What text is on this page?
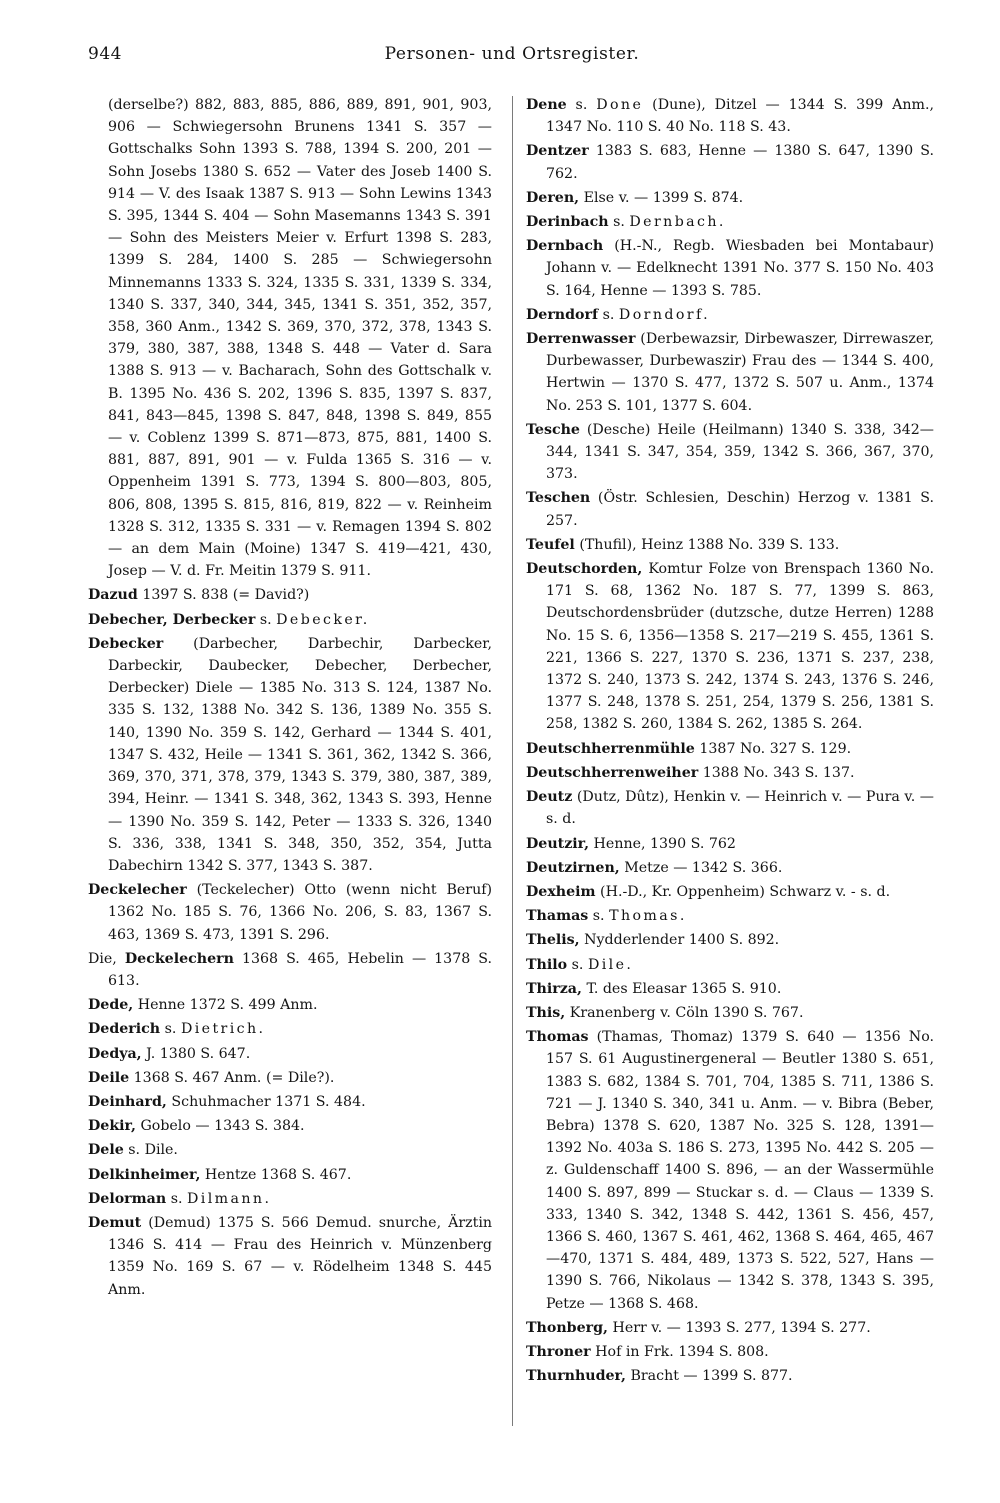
944	Personen- und Ortsregister.

(derselbe?) 882, 883, 885, 886, 889, 891, 901, 903, 906 — Schwiegersohn Brunens 1341 S. 357 — Gottschalks Sohn 1393 S. 788, 1394 S. 200, 201 — Sohn Josebs 1380 S. 652 — Vater des Joseb 1400 S. 914 — V. des Isaak 1387 S. 913 — Sohn Lewins 1343 S. 395, 1344 S. 404 — Sohn Masemanns 1343 S. 391 — Sohn des Meisters Meier v. Erfurt 1398 S. 283, 1399 S. 284, 1400 S. 285 — Schwiegersohn Minnemanns 1333 S. 324, 1335 S. 331, 1339 S. 334, 1340 S. 337, 340, 344, 345, 1341 S. 351, 352, 357, 358, 360 Anm., 1342 S. 369, 370, 372, 378, 1343 S. 379, 380, 387, 388, 1348 S. 448 — Vater d. Sara 1388 S. 913 — v. Bacharach, Sohn des Gottschalk v. B. 1395 No. 436 S. 202, 1396 S. 835, 1397 S. 837, 841, 843—845, 1398 S. 847, 848, 1398 S. 849, 855 — v. Coblenz 1399 S. 871—873, 875, 881, 1400 S. 881, 887, 891, 901 — v. Fulda 1365 S. 316 — v. Oppenheim 1391 S. 773, 1394 S. 800—803, 805, 806, 808, 1395 S. 815, 816, 819, 822 — v. Reinheim 1328 S. 312, 1335 S. 331 — v. Remagen 1394 S. 802 — an dem Main (Moine) 1347 S. 419—421, 430, Josep — V. d. Fr. Meitin 1379 S. 911.

Dazud 1397 S. 838 (= David?)

Debecher, Derbecker s. Debecker.

Debecker (Darbecher, Darbechir, Darbecker, Darbeckir, Daubecker, Debecher, Derbecher, Derbecker) Diele — 1385 No. 313 S. 124, 1387 No. 335 S. 132, 1388 No. 342 S. 136, 1389 No. 355 S. 140, 1390 No. 359 S. 142, Gerhard — 1344 S. 401, 1347 S. 432, Heile — 1341 S. 361, 362, 1342 S. 366, 369, 370, 371, 378, 379, 1343 S. 379, 380, 387, 389, 394, Heinr. — 1341 S. 348, 362, 1343 S. 393, Henne — 1390 No. 359 S. 142, Peter — 1333 S. 326, 1340 S. 336, 338, 1341 S. 348, 350, 352, 354, Jutta Dabechirn 1342 S. 377, 1343 S. 387.

Deckelecher (Teckelecher) Otto (wenn nicht Beruf) 1362 No. 185 S. 76, 1366 No. 206, S. 83, 1367 S. 463, 1369 S. 473, 1391 S. 296.

Die, Deckelechern 1368 S. 465, Hebelin — 1378 S. 613.

Dede, Henne 1372 S. 499 Anm.

Dederich s. Dietrich.

Dedya, J. 1380 S. 647.

Deile 1368 S. 467 Anm. (= Dile?).

Deinhard, Schuhmacher 1371 S. 484.

Dekir, Gobelo — 1343 S. 384.

Dele s. Dile.

Delkinheimer, Hentze 1368 S. 467.

Delorman s. Dilmann.

Demut (Demud) 1375 S. 566 Demud. snurche, Ärztin 1346 S. 414 — Frau des Heinrich v. Münzenberg 1359 No. 169 S. 67 — v. Rödelheim 1348 S. 445 Anm.

Dene s. Done (Dune), Ditzel — 1344 S. 399 Anm., 1347 No. 110 S. 40 No. 118 S. 43.

Dentzer 1383 S. 683, Henne — 1380 S. 647, 1390 S. 762.

Deren, Else v. — 1399 S. 874.

Derinbach s. Dernbach.

Dernbach (H.-N., Regb. Wiesbaden bei Montabaur) Johann v. — Edelknecht 1391 No. 377 S. 150 No. 403 S. 164, Henne — 1393 S. 785.

Derndorf s. Dorndorf.

Derrenwasser (Derbewazsir, Dirbewaszer, Dirrewaszer, Durbewasser, Durbewaszir) Frau des — 1344 S. 400, Hertwin — 1370 S. 477, 1372 S. 507 u. Anm., 1374 No. 253 S. 101, 1377 S. 604.

Tesche (Desche) Heile (Heilmann) 1340 S. 338, 342—344, 1341 S. 347, 354, 359, 1342 S. 366, 367, 370, 373.

Teschen (Östr. Schlesien, Deschin) Herzog v. 1381 S. 257.

Teufel (Thufil), Heinz 1388 No. 339 S. 133.

Deutschorden, Komtur Folze von Brenspach 1360 No. 171 S. 68, 1362 No. 187 S. 77, 1399 S. 863, Deutschordensbrüder (dutzsche, dutze Herren) 1288 No. 15 S. 6, 1356—1358 S. 217—219 S. 455, 1361 S. 221, 1366 S. 227, 1370 S. 236, 1371 S. 237, 238, 1372 S. 240, 1373 S. 242, 1374 S. 243, 1376 S. 246, 1377 S. 248, 1378 S. 251, 254, 1379 S. 256, 1381 S. 258, 1382 S. 260, 1384 S. 262, 1385 S. 264.

Deutschherrenmühle 1387 No. 327 S. 129.

Deutschherrenweiher 1388 No. 343 S. 137.

Deutz (Dutz, Dûtz), Henkin v. — Heinrich v. — Pura v. — s. d.

Deutzir, Henne, 1390 S. 762

Deutzirnen, Metze — 1342 S. 366.

Dexheim (H.-D., Kr. Oppenheim) Schwarz v. - s. d.

Thamas s. Thomas.

Thelis, Nydderlender 1400 S. 892.

Thilo s. Dile.

Thirza, T. des Eleasar 1365 S. 910.

This, Kranenberg v. Cöln 1390 S. 767.

Thomas (Thamas, Thomaz) 1379 S. 640 — 1356 No. 157 S. 61 Augustinergeneral — Beutler 1380 S. 651, 1383 S. 682, 1384 S. 701, 704, 1385 S. 711, 1386 S. 721 — J. 1340 S. 340, 341 u. Anm. — v. Bibra (Beber, Bebra) 1378 S. 620, 1387 No. 325 S. 128, 1391—1392 No. 403a S. 186 S. 273, 1395 No. 442 S. 205 — z. Guldenschaff 1400 S. 896, — an der Wassermühle 1400 S. 897, 899 — Stuckar s. d. — Claus — 1339 S. 333, 1340 S. 342, 1348 S. 442, 1361 S. 456, 457, 1366 S. 460, 1367 S. 461, 462, 1368 S. 464, 465, 467—470, 1371 S. 484, 489, 1373 S. 522, 527, Hans — 1390 S. 766, Nikolaus — 1342 S. 378, 1343 S. 395, Petze — 1368 S. 468.

Thonberg, Herr v. — 1393 S. 277, 1394 S. 277.

Throner Hof in Frk. 1394 S. 808.

Thurnhuder, Bracht — 1399 S. 877.
